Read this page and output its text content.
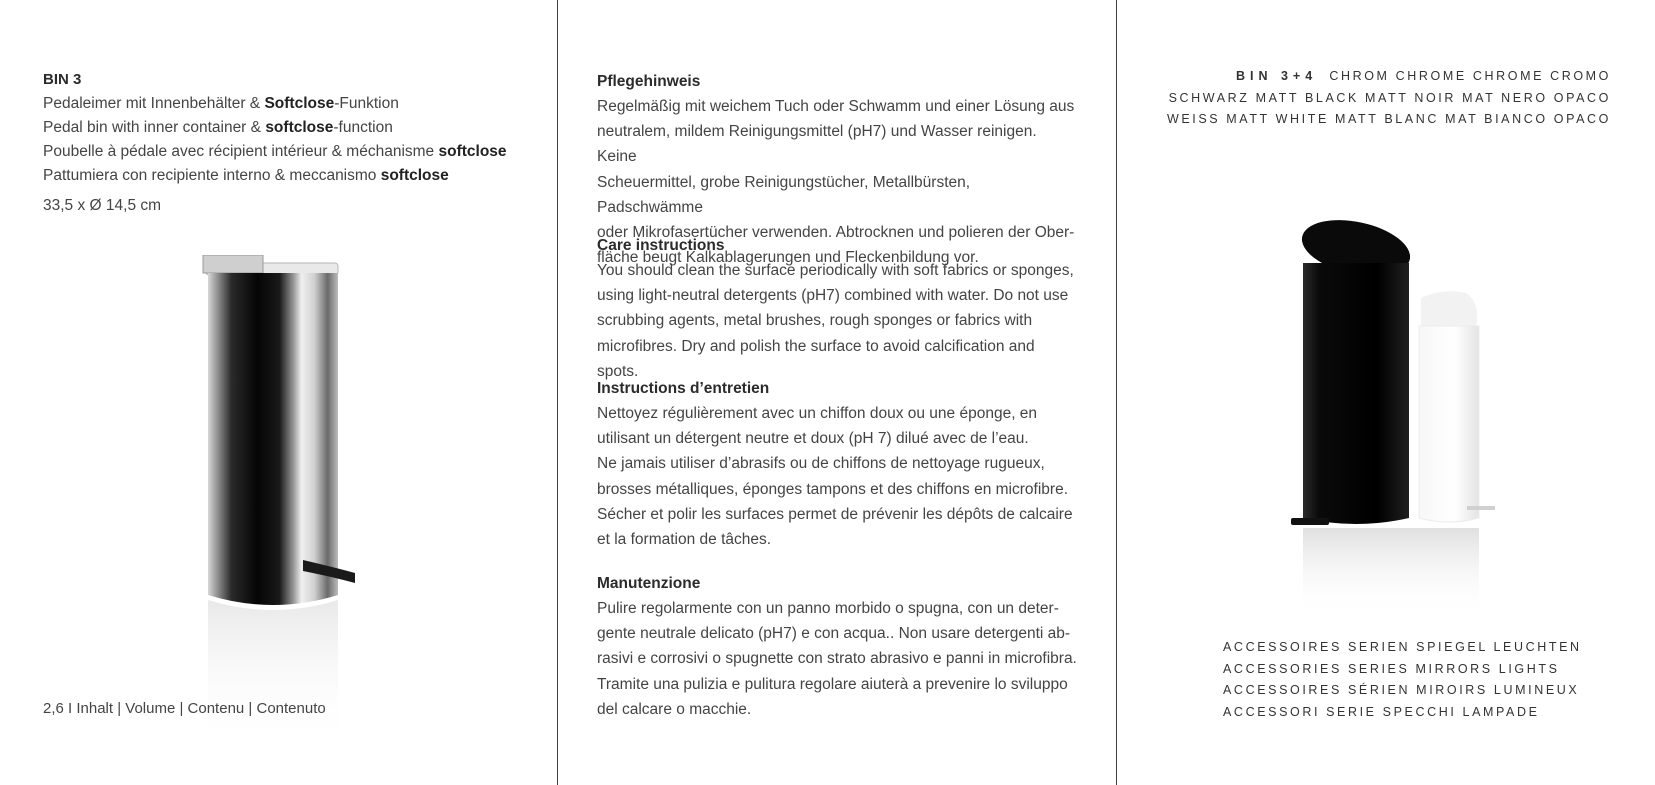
BIN 3
Pedaleimer mit Innenbehälter & Softclose-Funktion
Pedal bin with inner container & softclose-function
Poubelle à pédale avec récipient intérieur & méchanisme softclose
Pattumiera con recipiente interno & meccanismo softclose
33,5 x Ø 14,5 cm
2,6 I Inhalt | Volume | Contenu | Contenuto
Pflegehinweis
Regelmäßig mit weichem Tuch oder Schwamm und einer Lösung aus
neutralem, mildem Reinigungsmittel (pH7) und Wasser reinigen. Keine
Scheuermittel, grobe Reinigungstücher, Metallbürsten, Padschwämme
oder Mikrofasertücher verwenden. Abtrocknen und polieren der Ober-
fläche beugt Kalkablagerungen und Fleckenbildung vor.
Care instructions
You should clean the surface periodically with soft fabrics or sponges,
using light-neutral detergents (pH7) combined with water. Do not use
scrubbing agents, metal brushes, rough sponges or fabrics with
microfibres. Dry and polish the surface to avoid calcification and spots.
Instructions d’entretien
Nettoyez régulièrement avec un chiffon doux ou une éponge, en
utilisant un détergent neutre et doux (pH 7) dilué avec de l’eau.
Ne jamais utiliser d’abrasifs ou de chiffons de nettoyage rugueux,
brosses métalliques, éponges tampons et des chiffons en microfibre.
Sécher et polir les surfaces permet de prévenir les dépôts de calcaire
et la formation de tâches.
Manutenzione
Pulire regolarmente con un panno morbido o spugna, con un deter-
gente neutrale delicato (pH7) e con acqua.. Non usare detergenti ab-
rasivi e corrosivi o spugnette con strato abrasivo e panni in microfibra.
Tramite una pulizia e pulitura regolare aiuterà a prevenire lo sviluppo
del calcare o macchie.
BIN 3+4 CHROM CHROME CHROME CROMO
SCHWARZ MATT BLACK MATT NOIR MAT NERO OPACO
WEISS MATT WHITE MATT BLANC MAT BIANCO OPACO
ACCESSOIRES SERIEN SPIEGEL LEUCHTEN
ACCESSORIES SERIES MIRRORS LIGHTS
ACCESSOIRES SÉRIEN MIROIRS LUMINEUX
ACCESSORI SERIE SPECCHI LAMPADE
